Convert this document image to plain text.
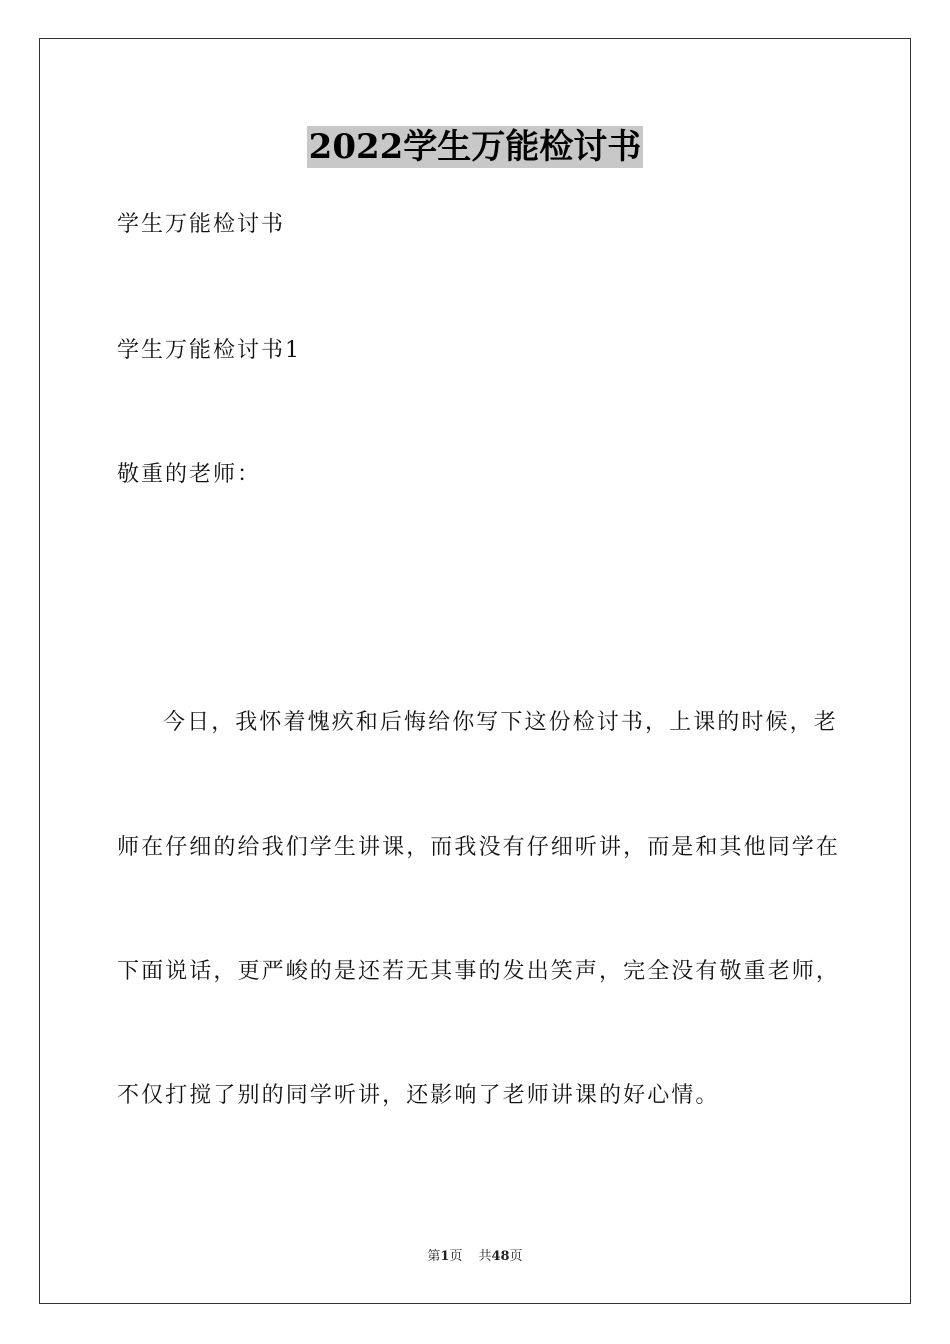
2022学生万能检讨书
学生万能检讨书
学生万能检讨书1
敬重的老师：
今日，我怀着愧疚和后悔给你写下这份检讨书，上课的时候，老
师在仔细的给我们学生讲课，而我没有仔细听讲，而是和其他同学在
下面说话，更严峻的是还若无其事的发出笑声，完全没有敬重老师，
不仅打搅了别的同学听讲，还影响了老师讲课的好心情。
第1页 共48页
